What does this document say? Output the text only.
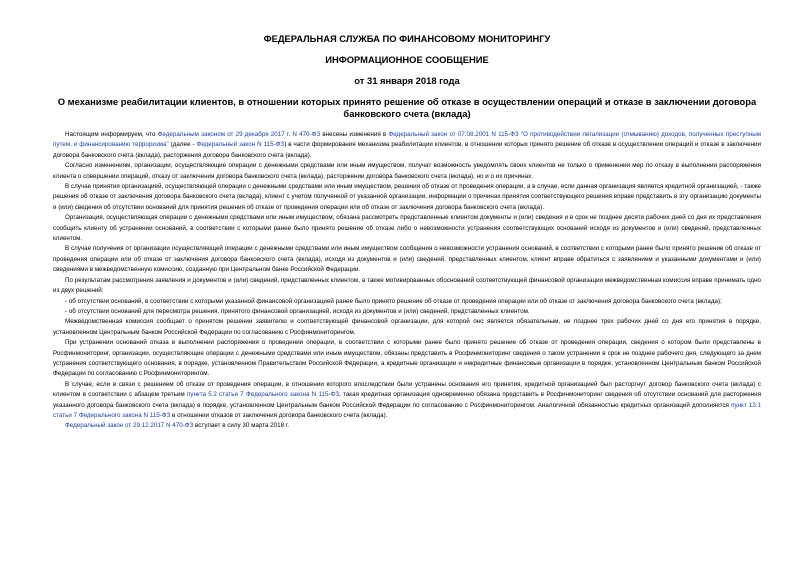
ФЕДЕРАЛЬНАЯ СЛУЖБА ПО ФИНАНСОВОМУ МОНИТОРИНГУ
ИНФОРМАЦИОННОЕ СООБЩЕНИЕ
от 31 января 2018 года
О механизме реабилитации клиентов, в отношении которых принято решение об отказе в осуществлении операций и отказе в заключении договора банковского счета (вклада)

Настоящим информируем, что Федеральным законом от 29 декабря 2017 г. N 470-ФЗ внесены изменения в Федеральный закон от 07.08.2001 N 115-ФЗ "О противодействии легализации (отмыванию) доходов, полученных преступным путем, и финансированию терроризма" (далее - Федеральный закон N 115-ФЗ) в части формирования механизма реабилитации клиентов, в отношении которых принято решение об отказе в осуществлении операций и отказе в заключении договора банковского счета (вклада), расторжения договора банковского счета (вклада).

Согласно изменениям, организации, осуществляющие операции с денежными средствами или иным имуществом, получат возможность уведомлять своих клиентов не только о применении мер по отказу в выполнении распоряжения клиента о совершении операций, отказу от заключения договора банковского счета (вклада), расторжении договора банковского счета (вклада), но и о их причинах.

В случае принятия организацией, осуществляющей операции с денежными средствами или иным имуществом, решения об отказе от проведения операции, а в случае, если данная организация является кредитной организацией, - также решения об отказе от заключения договора банковского счета (вклада), клиент с учетом полученной от указанной организации, информации о причинах принятия соответствующего решения вправе представить в эту организацию документы и (или) сведения об отсутствии оснований для принятия решения об отказе от проведения операции или об отказе от заключения договора банковского счета (вклада).

Организация, осуществляющая операции с денежными средствами или иным имуществом, обязана рассмотреть представленные клиентом документы и (или) сведения и в срок не позднее десяти рабочих дней со дня их представления сообщить клиенту об устранении оснований, в соответствии с которыми ранее было принято решение об отказе либо о невозможности устранения соответствующих оснований исходя из документов и (или) сведений, представленных клиентом.

В случае получения от организации осуществляющей операции с денежными средствами или иным имуществом сообщения о невозможности устранения оснований, в соответствии с которыми ранее было принято решение об отказе от проведения операции или об отказе от заключения договора банковского счета (вклада), исходя из документов и (или) сведений, представленных клиентом, клиент вправе обратиться с заявлением и указанными документами и (или) сведениями в межведомственную комиссию, созданную при Центральном банке Российской Федерации.

По результатам рассмотрения заявления и документов и (или) сведений, представленных клиентом, а также мотивированных обоснований соответствующей финансовой организации межведомственная комиссия вправе принимать одно из двух решений:

- об отсутствии оснований, в соответствии с которыми указанной финансовой организацией ранее было принято решение об отказе от проведения операции или об отказе от заключения договора банковского счета (вклада);

- об отсутствии оснований для пересмотра решения, принятого финансовой организацией, исходя из документов и (или) сведений, представленных клиентом.

Межведомственная комиссия сообщает о принятом решении заявителю и соответствующей финансовой организации, для которой оно является обязательным, не позднее трех рабочих дней со дня его принятия в порядке, установленном Центральным банком Российской Федерации по согласованию с Росфинмониторингом.

При устранении оснований отказа в выполнении распоряжения о проведении операции, в соответствии с которыми ранее было принято решение об отказе от проведения операции, сведения о котором были представлены в Росфинмониторинг, организации, осуществляющие операции с денежными средствами или иным имуществом, обязаны представить в Росфинмониторинг сведения о таком устранении в срок не позднее рабочего дня, следующего за днем устранения соответствующего основания, в порядке, установленном Правительством Российской Федерации, а кредитные организации и некредитные финансовые организации в порядке, установленном Центральным банком Российской Федерации по согласованию с Росфинмониторингом.

В случае, если в связи с решением об отказе от проведения операции, в отношении которого впоследствии были устранены основания его принятия, кредитной организацией был расторгнут договор банковского счета (вклада) с клиентом в соответствии с абзацем третьим пункта 5.2 статьи 7 Федерального закона N 115-ФЗ, такая кредитная организация одновременно обязана представить в Росфинмониторинг сведения об отсутствии оснований для расторжения указанного договора банковского счета (вклада) в порядке, установленном Центральным банком Российской Федерации по согласованию с Росфинмониторингом. Аналогичной обязанностью кредитных организаций дополняется пункт 13.1 статьи 7 Федерального закона N 115-ФЗ в отношении отказов от заключения договора банковского счета (вклада).

Федеральный закон от 29.12.2017 N 470-ФЗ вступает в силу 30 марта 2018 г.
